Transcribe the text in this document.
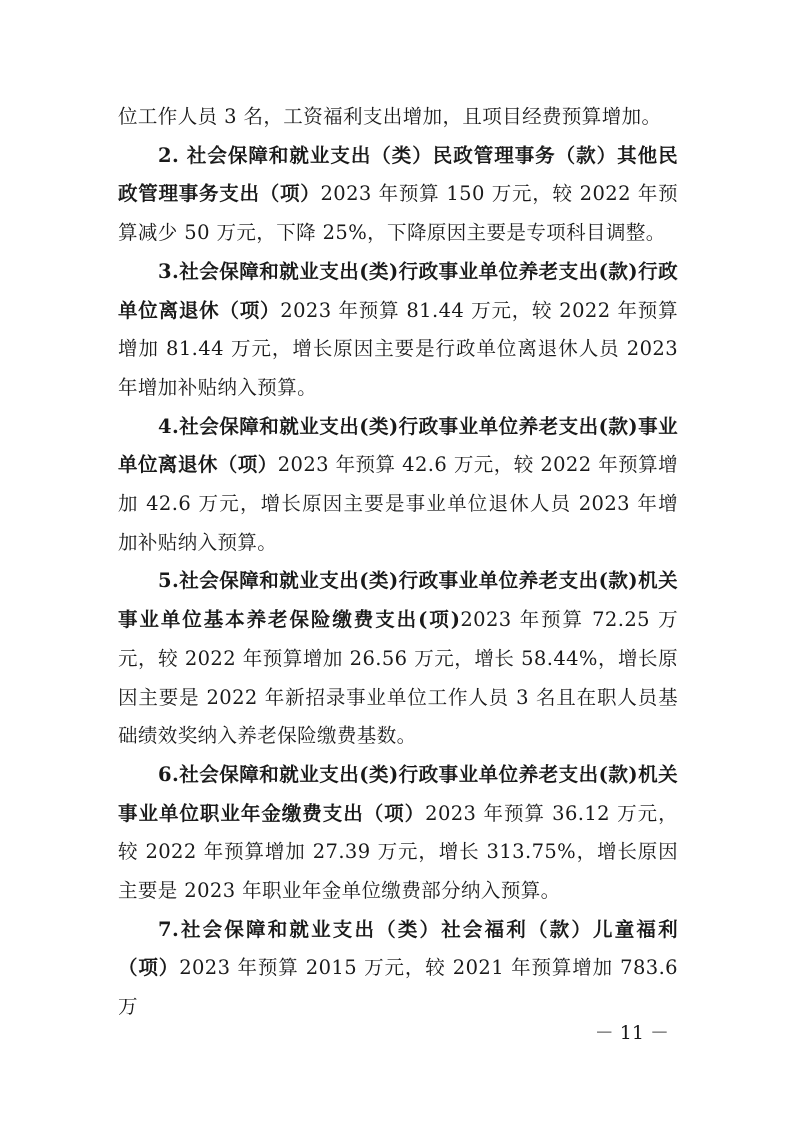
位工作人员 3 名，工资福利支出增加，且项目经费预算增加。

2. 社会保障和就业支出（类）民政管理事务（款）其他民政管理事务支出（项）2023 年预算 150 万元，较 2022 年预算减少 50 万元，下降 25%，下降原因主要是专项科目调整。

3.社会保障和就业支出(类)行政事业单位养老支出(款)行政单位离退休（项）2023 年预算 81.44 万元，较 2022 年预算增加 81.44 万元，增长原因主要是行政单位离退休人员 2023 年增加补贴纳入预算。

4.社会保障和就业支出(类)行政事业单位养老支出(款)事业单位离退休（项）2023 年预算 42.6 万元，较 2022 年预算增加 42.6 万元，增长原因主要是事业单位退休人员 2023 年增加补贴纳入预算。

5.社会保障和就业支出(类)行政事业单位养老支出(款)机关事业单位基本养老保险缴费支出(项)2023 年预算 72.25 万元，较 2022 年预算增加 26.56 万元，增长 58.44%，增长原因主要是 2022 年新招录事业单位工作人员 3 名且在职人员基础绩效奖纳入养老保险缴费基数。

6.社会保障和就业支出(类)行政事业单位养老支出(款)机关事业单位职业年金缴费支出（项）2023 年预算 36.12 万元，较 2022 年预算增加 27.39 万元，增长 313.75%，增长原因主要是 2023 年职业年金单位缴费部分纳入预算。

7.社会保障和就业支出（类）社会福利（款）儿童福利（项）2023 年预算 2015 万元，较 2021 年预算增加 783.6 万

－ 11 －
